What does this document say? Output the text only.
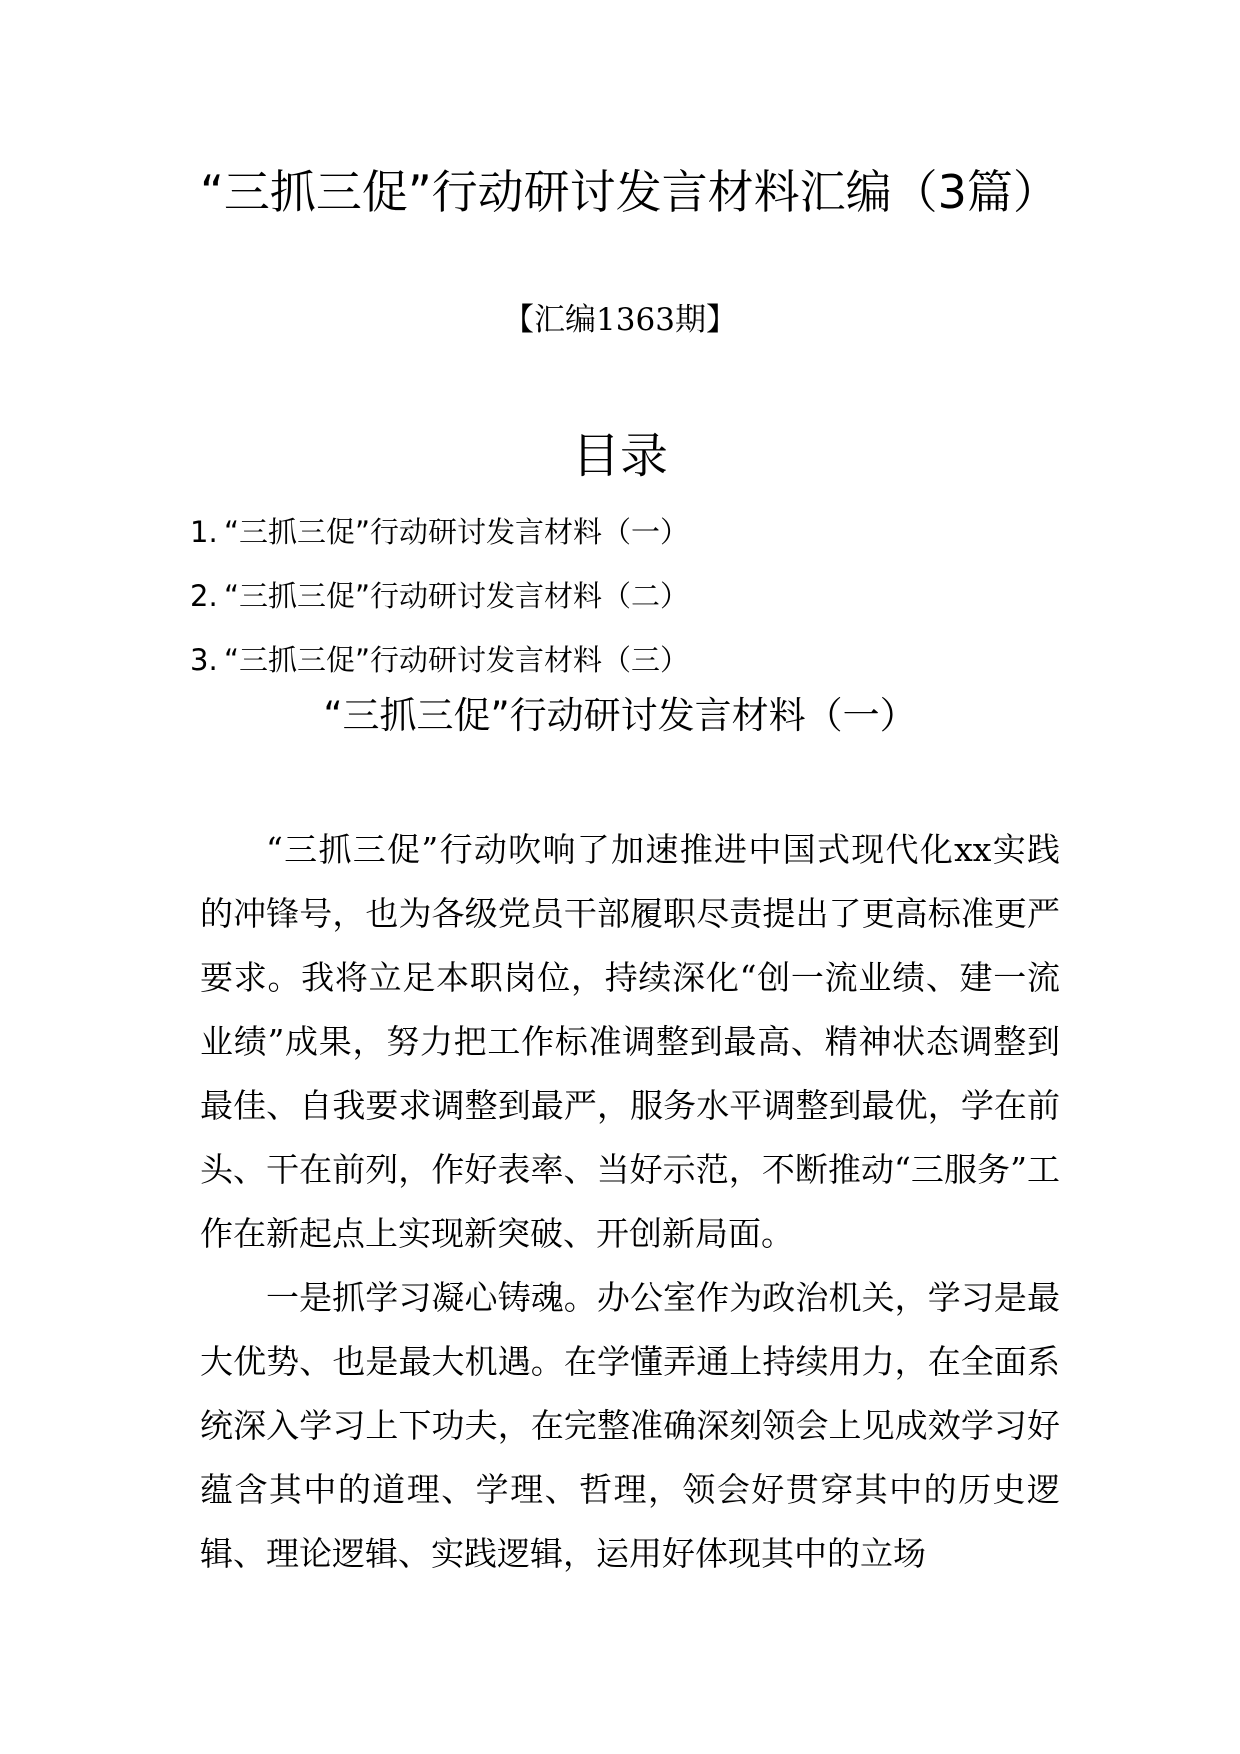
“三抓三促”行动研讨发言材料汇编（3篇）
【汇编1363期】
目录
1. “三抓三促”行动研讨发言材料（一）
2. “三抓三促”行动研讨发言材料（二）
3. “三抓三促”行动研讨发言材料（三）
“三抓三促”行动研讨发言材料（一）

“三抓三促”行动吹响了加速推进中国式现代化xx实践的冲锋号，也为各级党员干部履职尽责提出了更高标准更严要求。我将立足本职岗位，持续深化“创一流业绩、建一流业绩”成果，努力把工作标准调整到最高、精神状态调整到最佳、自我要求调整到最严，服务水平调整到最优，学在前头、干在前列，作好表率、当好示范，不断推动“三服务”工作在新起点上实现新突破、开创新局面。

一是抓学习凝心铸魂。办公室作为政治机关，学习是最大优势、也是最大机遇。在学懂弄通上持续用力，在全面系统深入学习上下功夫，在完整准确深刻领会上见成效学习好蕴含其中的道理、学理、哲理，领会好贯穿其中的历史逻辑、理论逻辑、实践逻辑，运用好体现其中的立场
